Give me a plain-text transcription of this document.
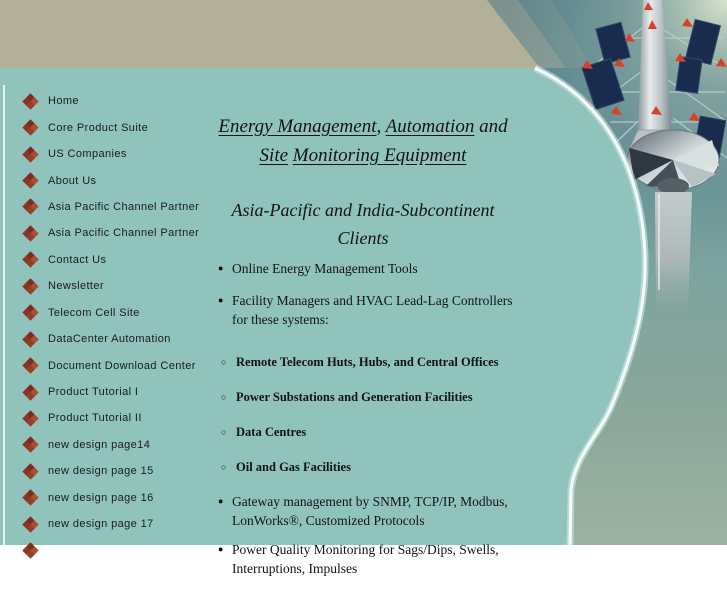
Home
Core Product Suite
US Companies
About Us
Asia Pacific Channel Partner
Asia Pacific Channel Partner
Contact Us
Newsletter
Telecom Cell Site
DataCenter Automation
Document Download Center
Product Tutorial I
Product Tutorial II
new design page14
new design page 15
new design page 16
new design page 17
Energy Management, Automation and
Site Monitoring Equipment
Asia-Pacific and India-Subcontinent
Clients
● Online Energy Management Tools
● Facility Managers and HVAC Lead-Lag Controllers for these systems:
○ Remote Telecom Huts, Hubs, and Central Offices
○ Power Substations and Generation Facilities
○ Data Centres
○ Oil and Gas Facilities
● Gateway management by SNMP, TCP/IP, Modbus, LonWorks®, Customized Protocols
● Power Quality Monitoring for Sags/Dips, Swells, Interruptions, Impulses
